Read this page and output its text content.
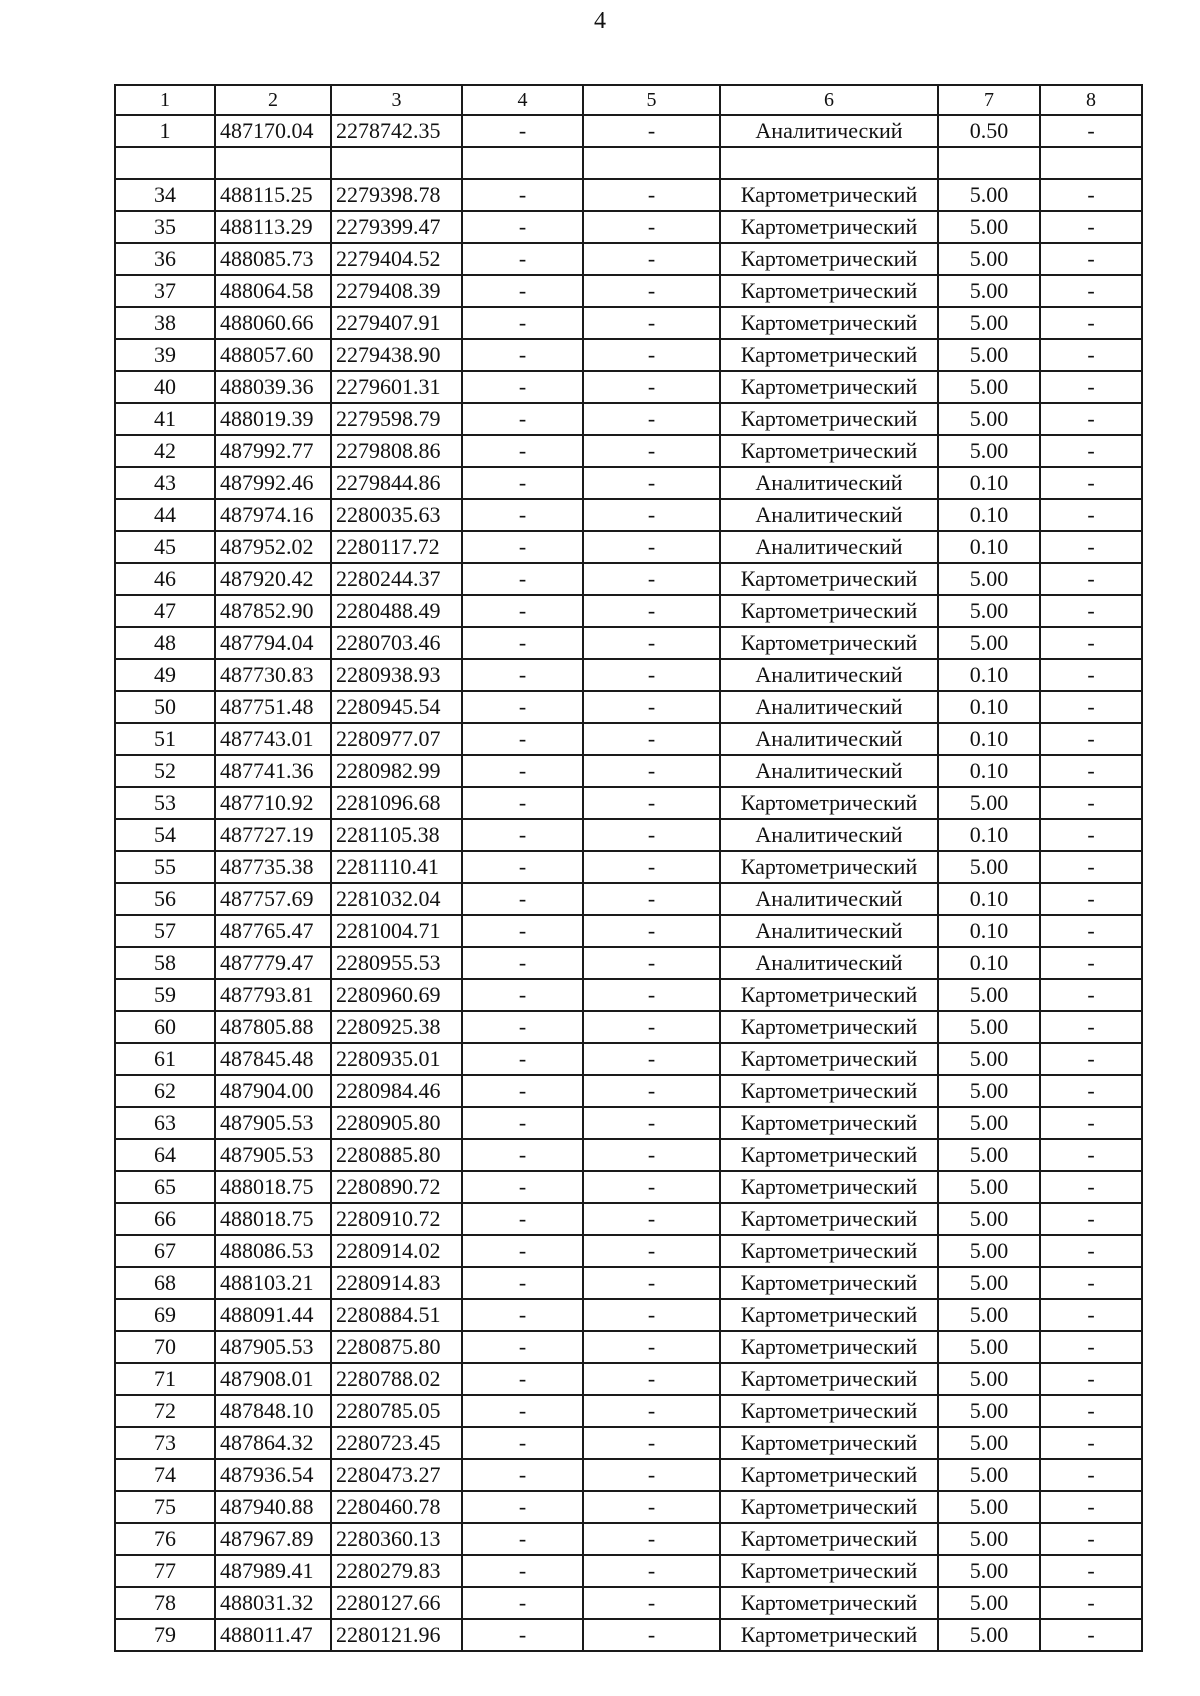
4
1	2	3	4	5	6	7	8
1	487170.04	2278742.35	-	-	Аналитический	0.50	-

34	488115.25	2279398.78	-	-	Картометрический	5.00	-
35	488113.29	2279399.47	-	-	Картометрический	5.00	-
36	488085.73	2279404.52	-	-	Картометрический	5.00	-
37	488064.58	2279408.39	-	-	Картометрический	5.00	-
38	488060.66	2279407.91	-	-	Картометрический	5.00	-
39	488057.60	2279438.90	-	-	Картометрический	5.00	-
40	488039.36	2279601.31	-	-	Картометрический	5.00	-
41	488019.39	2279598.79	-	-	Картометрический	5.00	-
42	487992.77	2279808.86	-	-	Картометрический	5.00	-
43	487992.46	2279844.86	-	-	Аналитический	0.10	-
44	487974.16	2280035.63	-	-	Аналитический	0.10	-
45	487952.02	2280117.72	-	-	Аналитический	0.10	-
46	487920.42	2280244.37	-	-	Картометрический	5.00	-
47	487852.90	2280488.49	-	-	Картометрический	5.00	-
48	487794.04	2280703.46	-	-	Картометрический	5.00	-
49	487730.83	2280938.93	-	-	Аналитический	0.10	-
50	487751.48	2280945.54	-	-	Аналитический	0.10	-
51	487743.01	2280977.07	-	-	Аналитический	0.10	-
52	487741.36	2280982.99	-	-	Аналитический	0.10	-
53	487710.92	2281096.68	-	-	Картометрический	5.00	-
54	487727.19	2281105.38	-	-	Аналитический	0.10	-
55	487735.38	2281110.41	-	-	Картометрический	5.00	-
56	487757.69	2281032.04	-	-	Аналитический	0.10	-
57	487765.47	2281004.71	-	-	Аналитический	0.10	-
58	487779.47	2280955.53	-	-	Аналитический	0.10	-
59	487793.81	2280960.69	-	-	Картометрический	5.00	-
60	487805.88	2280925.38	-	-	Картометрический	5.00	-
61	487845.48	2280935.01	-	-	Картометрический	5.00	-
62	487904.00	2280984.46	-	-	Картометрический	5.00	-
63	487905.53	2280905.80	-	-	Картометрический	5.00	-
64	487905.53	2280885.80	-	-	Картометрический	5.00	-
65	488018.75	2280890.72	-	-	Картометрический	5.00	-
66	488018.75	2280910.72	-	-	Картометрический	5.00	-
67	488086.53	2280914.02	-	-	Картометрический	5.00	-
68	488103.21	2280914.83	-	-	Картометрический	5.00	-
69	488091.44	2280884.51	-	-	Картометрический	5.00	-
70	487905.53	2280875.80	-	-	Картометрический	5.00	-
71	487908.01	2280788.02	-	-	Картометрический	5.00	-
72	487848.10	2280785.05	-	-	Картометрический	5.00	-
73	487864.32	2280723.45	-	-	Картометрический	5.00	-
74	487936.54	2280473.27	-	-	Картометрический	5.00	-
75	487940.88	2280460.78	-	-	Картометрический	5.00	-
76	487967.89	2280360.13	-	-	Картометрический	5.00	-
77	487989.41	2280279.83	-	-	Картометрический	5.00	-
78	488031.32	2280127.66	-	-	Картометрический	5.00	-
79	488011.47	2280121.96	-	-	Картометрический	5.00	-
